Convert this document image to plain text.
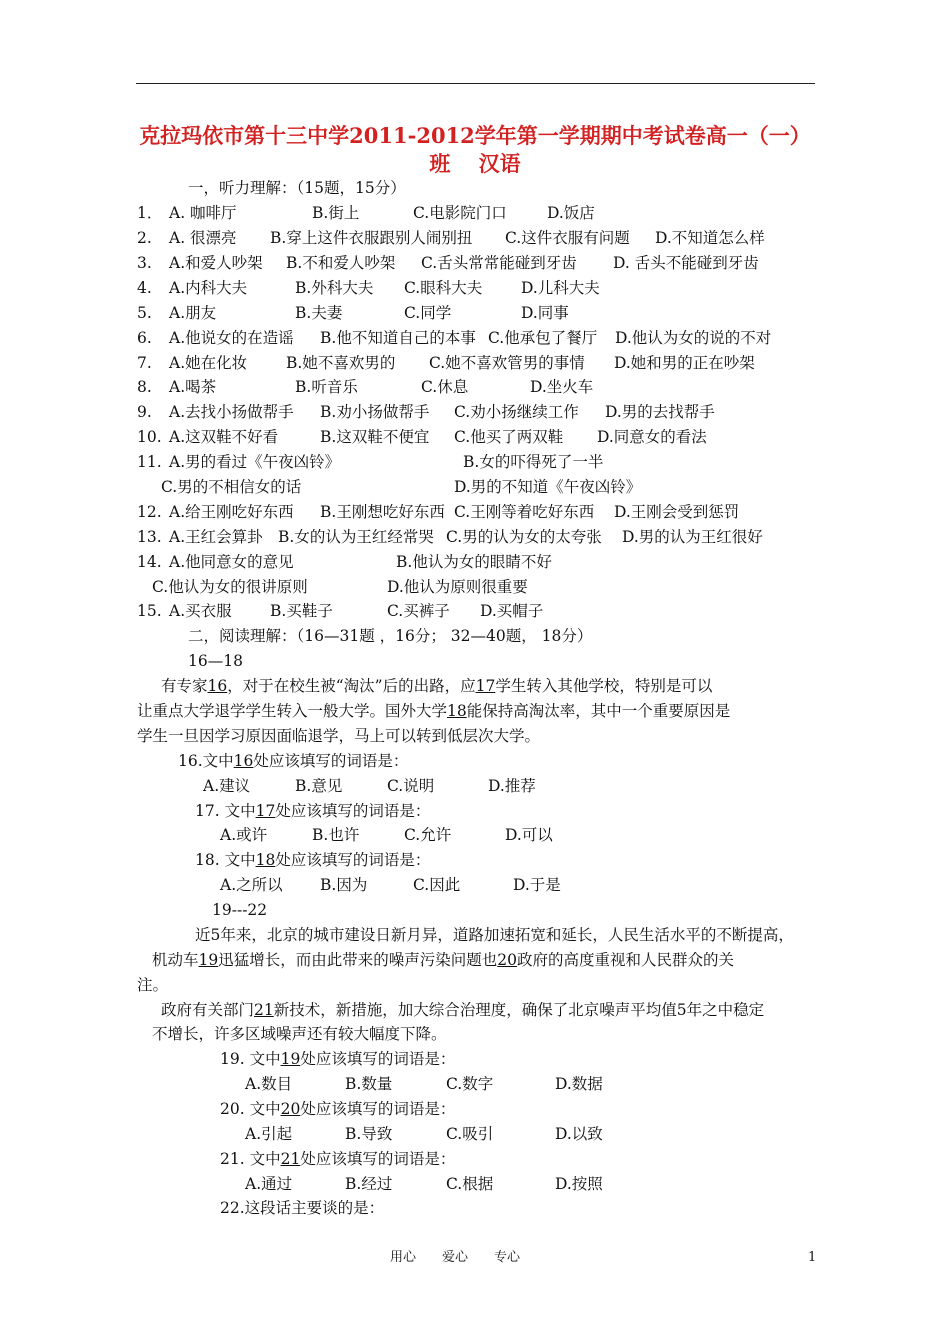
克拉玛依市第十三中学2011-2012学年第一学期期中考试卷高一（一）
班　 汉语
一，听力理解：（15题，15分）
1． A. 咖啡厅	B.街上	C.电影院门口	D.饭店
2. A. 很漂亮 B.穿上这件衣服跟别人闹别扭 C.这件衣服有问题 D.不知道怎么样
3. A.和爱人吵架 B.不和爱人吵架 C.舌头常常能碰到牙齿 D. 舌头不能碰到牙齿
4. A.内科大夫	B.外科大夫 C.眼科大夫	D.儿科大夫
5. A.朋友	B.夫妻	C.同学	D.同事
6. A.他说女的在造谣 B.他不知道自己的本事 C.他承包了餐厅 D.他认为女的说的不对
7. A.她在化妆	B.她不喜欢男的 C.她不喜欢管男的事情 D.她和男的正在吵架
8. A.喝茶	B.听音乐	C.休息	D.坐火车
9. A.去找小扬做帮手 B.劝小扬做帮手 C.劝小扬继续工作 D.男的去找帮手
10. A.这双鞋不好看	B.这双鞋不便宜 C.他买了两双鞋 D.同意女的看法
11. A.男的看过《午夜凶铃》	B.女的吓得死了一半
C.男的不相信女的话	D.男的不知道《午夜凶铃》
12. A.给王刚吃好东西 B.王刚想吃好东西 C.王刚等着吃好东西 D.王刚会受到惩罚
13. A.王红会算卦 B.女的认为王红经常哭 C.男的认为女的太夸张 D.男的认为王红很好
14. A.他同意女的意见	B.他认为女的眼睛不好
C.他认为女的很讲原则	D.他认为原则很重要
15. A.买衣服 B.买鞋子	C.买裤子 D.买帽子
二，阅读理解：（16—31题 ，16分； 32—40题， 18分）
16—18
有专家16，对于在校生被“淘汰”后的出路，应17学生转入其他学校，特别是可以
让重点大学退学学生转入一般大学。国外大学18能保持高淘汰率，其中一个重要原因是
学生一旦因学习原因面临退学，马上可以转到低层次大学。
16.文中16处应该填写的词语是：
A.建议	B.意见	C.说明	D.推荐
17. 文中17处应该填写的词语是：
A.或许	B.也许	C.允许	D.可以
18. 文中18处应该填写的词语是：
A.之所以 B.因为	C.因此	D.于是
19---22
近5年来，北京的城市建设日新月异，道路加速拓宽和延长，人民生活水平的不断提高，
机动车19迅猛增长，而由此带来的噪声污染问题也20政府的高度重视和人民群众的关
注。
政府有关部门21新技术，新措施，加大综合治理度，确保了北京噪声平均值5年之中稳定
不增长，许多区域噪声还有较大幅度下降。
19. 文中19处应该填写的词语是：
A.数目	B.数量	C.数字	D.数据
20. 文中20处应该填写的词语是：
A.引起	B.导致	C.吸引	D.以致
21. 文中21处应该填写的词语是：
A.通过	B.经过	C.根据	D.按照
22.这段话主要谈的是：
用心　　爱心　　专心	1
